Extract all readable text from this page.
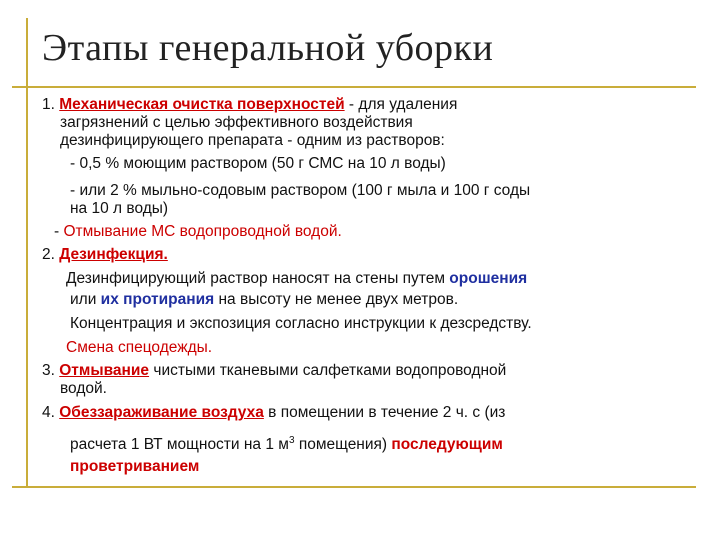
Этапы генеральной уборки
1. Механическая очистка поверхностей - для удаления
загрязнений с целью эффективного воздействия
дезинфицирующего препарата - одним из растворов:
- 0,5 % моющим раствором (50 г СМС на 10 л воды)
- или 2 % мыльно-содовым раствором (100 г мыла и 100 г соды
на 10 л воды)
- Отмывание МС водопроводной водой.
2. Дезинфекция.
Дезинфицирующий раствор наносят на стены путем орошения
или их протирания на высоту не менее двух метров.
Концентрация и экспозиция согласно инструкции к дезсредству.
Смена спецодежды.
3. Отмывание чистыми тканевыми салфетками водопроводной
водой.
4. Обеззараживание воздуха в помещении в течение 2 ч. с (из
расчета 1 ВТ мощности на 1 $м^3$ помещения) последующим
проветриванием
